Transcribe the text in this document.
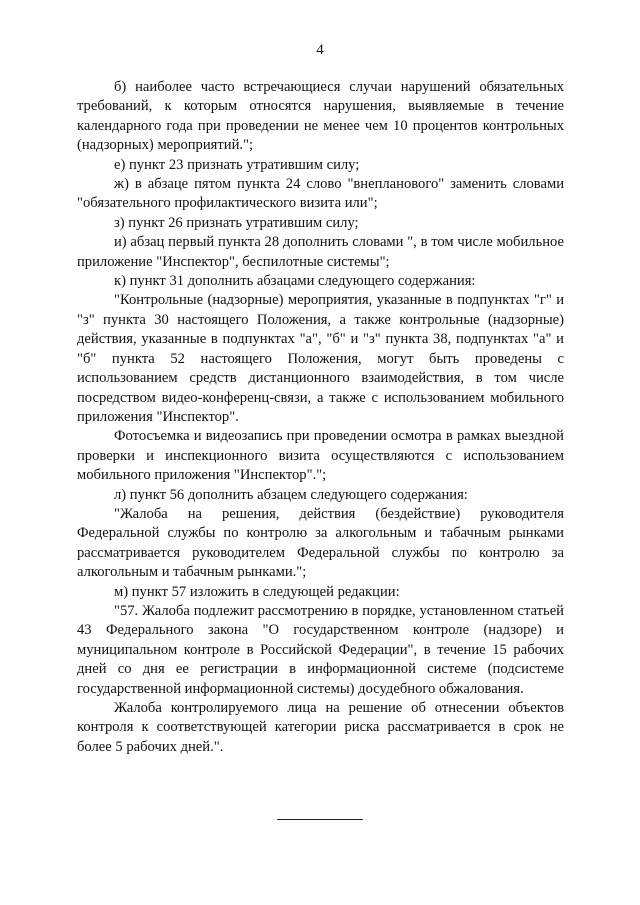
4

б) наиболее часто встречающиеся случаи нарушений обязательных требований, к которым относятся нарушения, выявляемые в течение календарного года при проведении не менее чем 10 процентов контрольных (надзорных) мероприятий.";

е) пункт 23 признать утратившим силу;

ж) в абзаце пятом пункта 24 слово "внепланового" заменить словами "обязательного профилактического визита или";

з) пункт 26 признать утратившим силу;

и) абзац первый пункта 28 дополнить словами ", в том числе мобильное приложение "Инспектор", беспилотные системы";

к) пункт 31 дополнить абзацами следующего содержания:

"Контрольные (надзорные) мероприятия, указанные в подпунктах "г" и "з" пункта 30 настоящего Положения, а также контрольные (надзорные) действия, указанные в подпунктах "а", "б" и "з" пункта 38, подпунктах "а" и "б" пункта 52 настоящего Положения, могут быть проведены с использованием средств дистанционного взаимодействия, в том числе посредством видео-конференц-связи, а также с использованием мобильного приложения "Инспектор".

Фотосъемка и видеозапись при проведении осмотра в рамках выездной проверки и инспекционного визита осуществляются с использованием мобильного приложения "Инспектор".";

л) пункт 56 дополнить абзацем следующего содержания:

"Жалоба на решения, действия (бездействие) руководителя Федеральной службы по контролю за алкогольным и табачным рынками рассматривается руководителем Федеральной службы по контролю за алкогольным и табачным рынками.";

м) пункт 57 изложить в следующей редакции:

"57. Жалоба подлежит рассмотрению в порядке, установленном статьей 43 Федерального закона "О государственном контроле (надзоре) и муниципальном контроле в Российской Федерации", в течение 15 рабочих дней со дня ее регистрации в информационной системе (подсистеме государственной информационной системы) досудебного обжалования.

Жалоба контролируемого лица на решение об отнесении объектов контроля к соответствующей категории риска рассматривается в срок не более 5 рабочих дней.".
